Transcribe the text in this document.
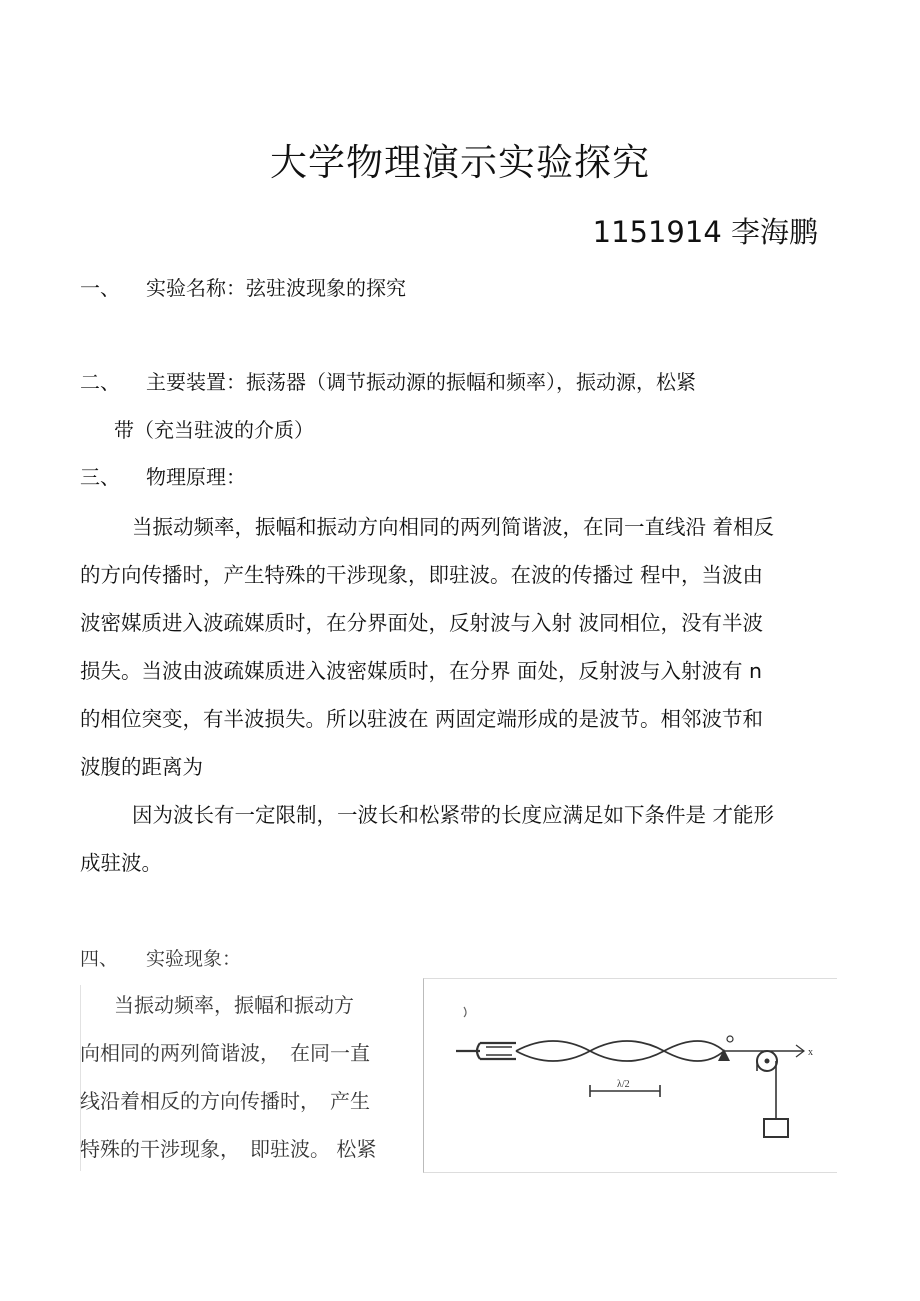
大学物理演示实验探究
1151914 李海鹏
一、 实验名称：弦驻波现象的探究
二、 主要装置：振荡器（调节振动源的振幅和频率），振动源，松紧
带（充当驻波的介质）
三、 物理原理：
当振动频率，振幅和振动方向相同的两列简谐波，在同一直线沿 着相反
的方向传播时，产生特殊的干涉现象，即驻波。在波的传播过 程中，当波由
波密媒质进入波疏媒质时，在分界面处，反射波与入射 波同相位，没有半波
损失。当波由波疏媒质进入波密媒质时，在分界 面处，反射波与入射波有 n
的相位突变，有半波损失。所以驻波在 两固定端形成的是波节。相邻波节和
波腹的距离为
因为波长有一定限制，一波长和松紧带的长度应满足如下条件是 才能形
成驻波。
四、 实验现象：
当振动频率，振幅和振动方
向相同的两列简谐波，　在同一直
线沿着相反的方向传播时，　产生
特殊的干涉现象，　即驻波。 松紧
x
λ/2
